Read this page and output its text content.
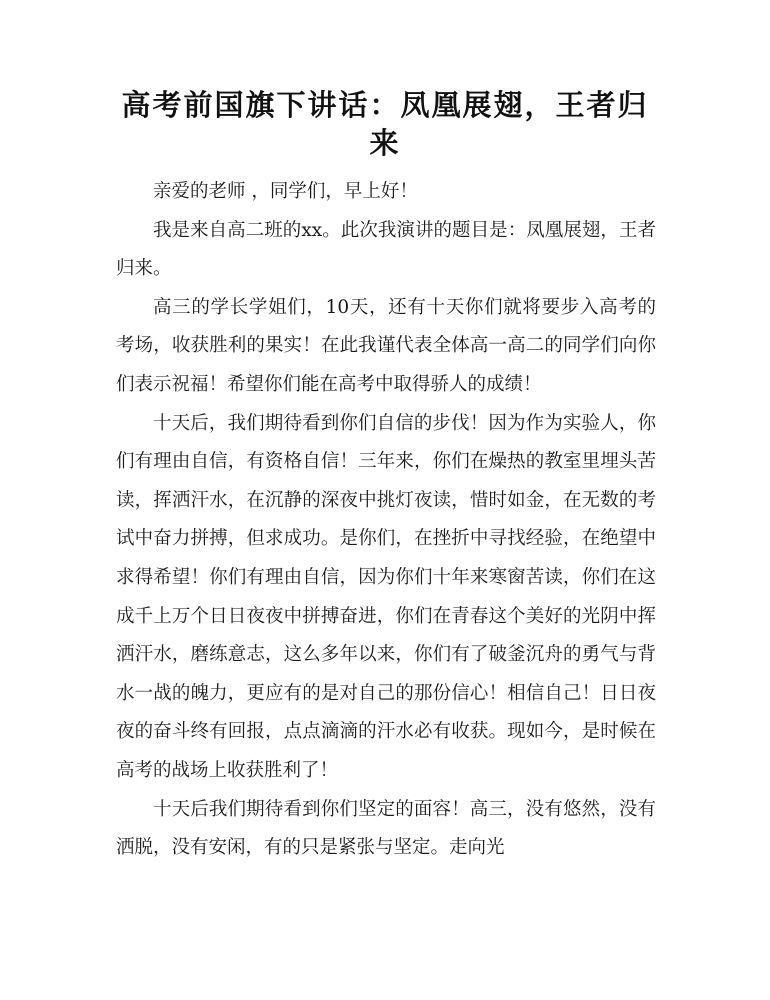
高考前国旗下讲话：凤凰展翅，王者归来

亲爱的老师 ，同学们，早上好！

我是来自高二班的xx。此次我演讲的题目是：凤凰展翅，王者归来。

高三的学长学姐们，10天，还有十天你们就将要步入高考的考场，收获胜利的果实！在此我谨代表全体高一高二的同学们向你们表示祝福！希望你们能在高考中取得骄人的成绩！

十天后，我们期待看到你们自信的步伐！因为作为实验人，你们有理由自信，有资格自信！三年来，你们在燥热的教室里埋头苦读，挥洒汗水，在沉静的深夜中挑灯夜读，惜时如金，在无数的考试中奋力拼搏，但求成功。是你们，在挫折中寻找经验，在绝望中求得希望！你们有理由自信，因为你们十年来寒窗苦读，你们在这成千上万个日日夜夜中拼搏奋进，你们在青春这个美好的光阴中挥洒汗水，磨练意志，这么多年以来，你们有了破釜沉舟的勇气与背水一战的魄力，更应有的是对自己的那份信心！相信自己！日日夜夜的奋斗终有回报，点点滴滴的汗水必有收获。现如今，是时候在高考的战场上收获胜利了！

十天后我们期待看到你们坚定的面容！高三，没有悠然，没有洒脱，没有安闲，有的只是紧张与坚定。走向光
